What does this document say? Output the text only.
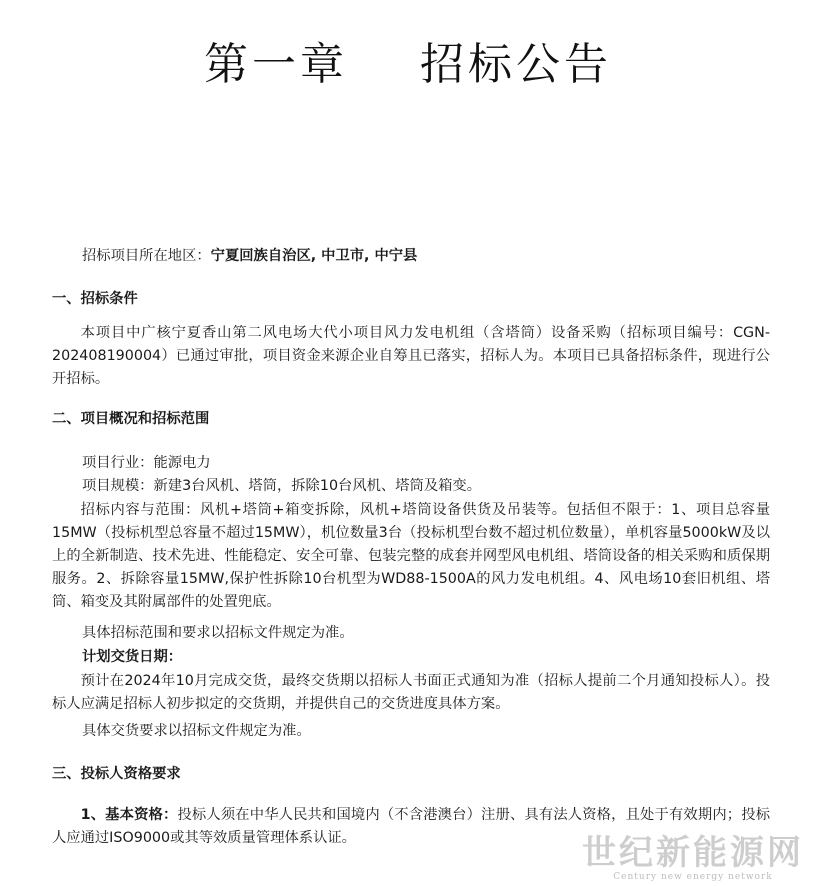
第一章    招标公告
招标项目所在地区：宁夏回族自治区, 中卫市, 中宁县
一、招标条件

本项目中广核宁夏香山第二风电场大代小项目风力发电机组（含塔筒）设备采购（招标项目编号：CGN-202408190004）已通过审批，项目资金来源企业自筹且已落实，招标人为。本项目已具备招标条件，现进行公开招标。

二、项目概况和招标范围
项目行业：能源电力
项目规模：新建3台风机、塔筒，拆除10台风机、塔筒及箱变。

招标内容与范围：风机+塔筒+箱变拆除，风机+塔筒设备供货及吊装等。包括但不限于：1、项目总容量15MW（投标机型总容量不超过15MW），机位数量3台（投标机型台数不超过机位数量），单机容量5000kW及以上的全新制造、技术先进、性能稳定、安全可靠、包装完整的成套并网型风电机组、塔筒设备的相关采购和质保期服务。2、拆除容量15MW,保护性拆除10台机型为WD88-1500A的风力发电机组。4、风电场10套旧机组、塔筒、箱变及其附属部件的处置兜底。

具体招标范围和要求以招标文件规定为准。
计划交货日期：

预计在2024年10月完成交货，最终交货期以招标人书面正式通知为准（招标人提前二个月通知投标人）。投标人应满足招标人初步拟定的交货期，并提供自己的交货进度具体方案。

具体交货要求以招标文件规定为准。
三、投标人资格要求

1、基本资格：投标人须在中华人民共和国境内（不含港澳台）注册、具有法人资格，且处于有效期内；投标人应通过ISO9000或其等效质量管理体系认证。	世纪新能源网
Century new energy network
